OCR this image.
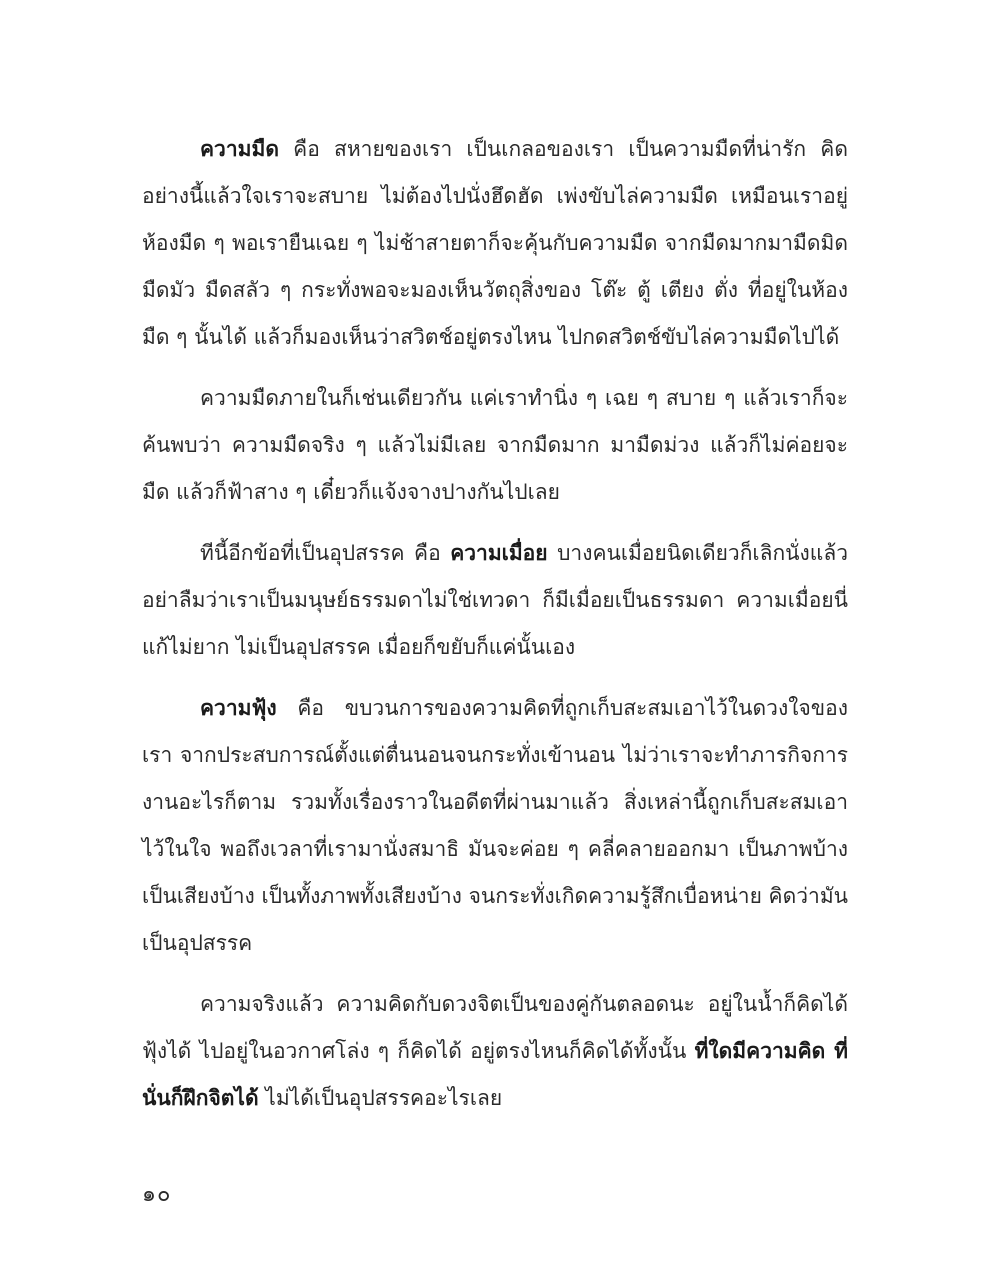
ความมืด คือ สหายของเรา เป็นเกลอของเรา เป็นความมืดที่น่ารัก คิดอย่างนี้แล้วใจเราจะสบาย ไม่ต้องไปนั่งฮึดฮัด เพ่งขับไล่ความมืด เหมือนเราอยู่ห้องมืด ๆ พอเรายืนเฉย ๆ ไม่ช้าสายตาก็จะคุ้นกับความมืด จากมืดมากมามืดมิด มืดมัว มืดสลัว ๆ กระทั่งพอจะมองเห็นวัตถุสิ่งของ โต๊ะ ตู้ เตียง ตั่ง ที่อยู่ในห้องมืด ๆ นั้นได้ แล้วก็มองเห็นว่าสวิตช์อยู่ตรงไหน ไปกดสวิตช์ขับไล่ความมืดไปได้

ความมืดภายในก็เช่นเดียวกัน แค่เราทำนิ่ง ๆ เฉย ๆ สบาย ๆ แล้วเราก็จะค้นพบว่า ความมืดจริง ๆ แล้วไม่มีเลย จากมืดมาก มามืดม่วง แล้วก็ไม่ค่อยจะมืด แล้วก็ฟ้าสาง ๆ เดี๋ยวก็แจ้งจางปางกันไปเลย

ทีนี้อีกข้อที่เป็นอุปสรรค คือ ความเมื่อย บางคนเมื่อยนิดเดียวก็เลิกนั่งแล้ว อย่าลืมว่าเราเป็นมนุษย์ธรรมดาไม่ใช่เทวดา ก็มีเมื่อยเป็นธรรมดา ความเมื่อยนี่แก้ไม่ยาก ไม่เป็นอุปสรรค เมื่อยก็ขยับก็แค่นั้นเอง

ความฟุ้ง คือ ขบวนการของความคิดที่ถูกเก็บสะสมเอาไว้ในดวงใจของเรา จากประสบการณ์ตั้งแต่ตื่นนอนจนกระทั่งเข้านอน ไม่ว่าเราจะทำภารกิจการงานอะไรก็ตาม รวมทั้งเรื่องราวในอดีตที่ผ่านมาแล้ว สิ่งเหล่านี้ถูกเก็บสะสมเอาไว้ในใจ พอถึงเวลาที่เรามานั่งสมาธิ มันจะค่อย ๆ คลี่คลายออกมา เป็นภาพบ้าง เป็นเสียงบ้าง เป็นทั้งภาพทั้งเสียงบ้าง จนกระทั่งเกิดความรู้สึกเบื่อหน่าย คิดว่ามันเป็นอุปสรรค

ความจริงแล้ว ความคิดกับดวงจิตเป็นของคู่กันตลอดนะ อยู่ในน้ำก็คิดได้ ฟุ้งได้ ไปอยู่ในอวกาศโล่ง ๆ ก็คิดได้ อยู่ตรงไหนก็คิดได้ทั้งนั้น ที่ใดมีความคิด ที่นั่นก็ฝึกจิตได้ ไม่ได้เป็นอุปสรรคอะไรเลย

๑๐
